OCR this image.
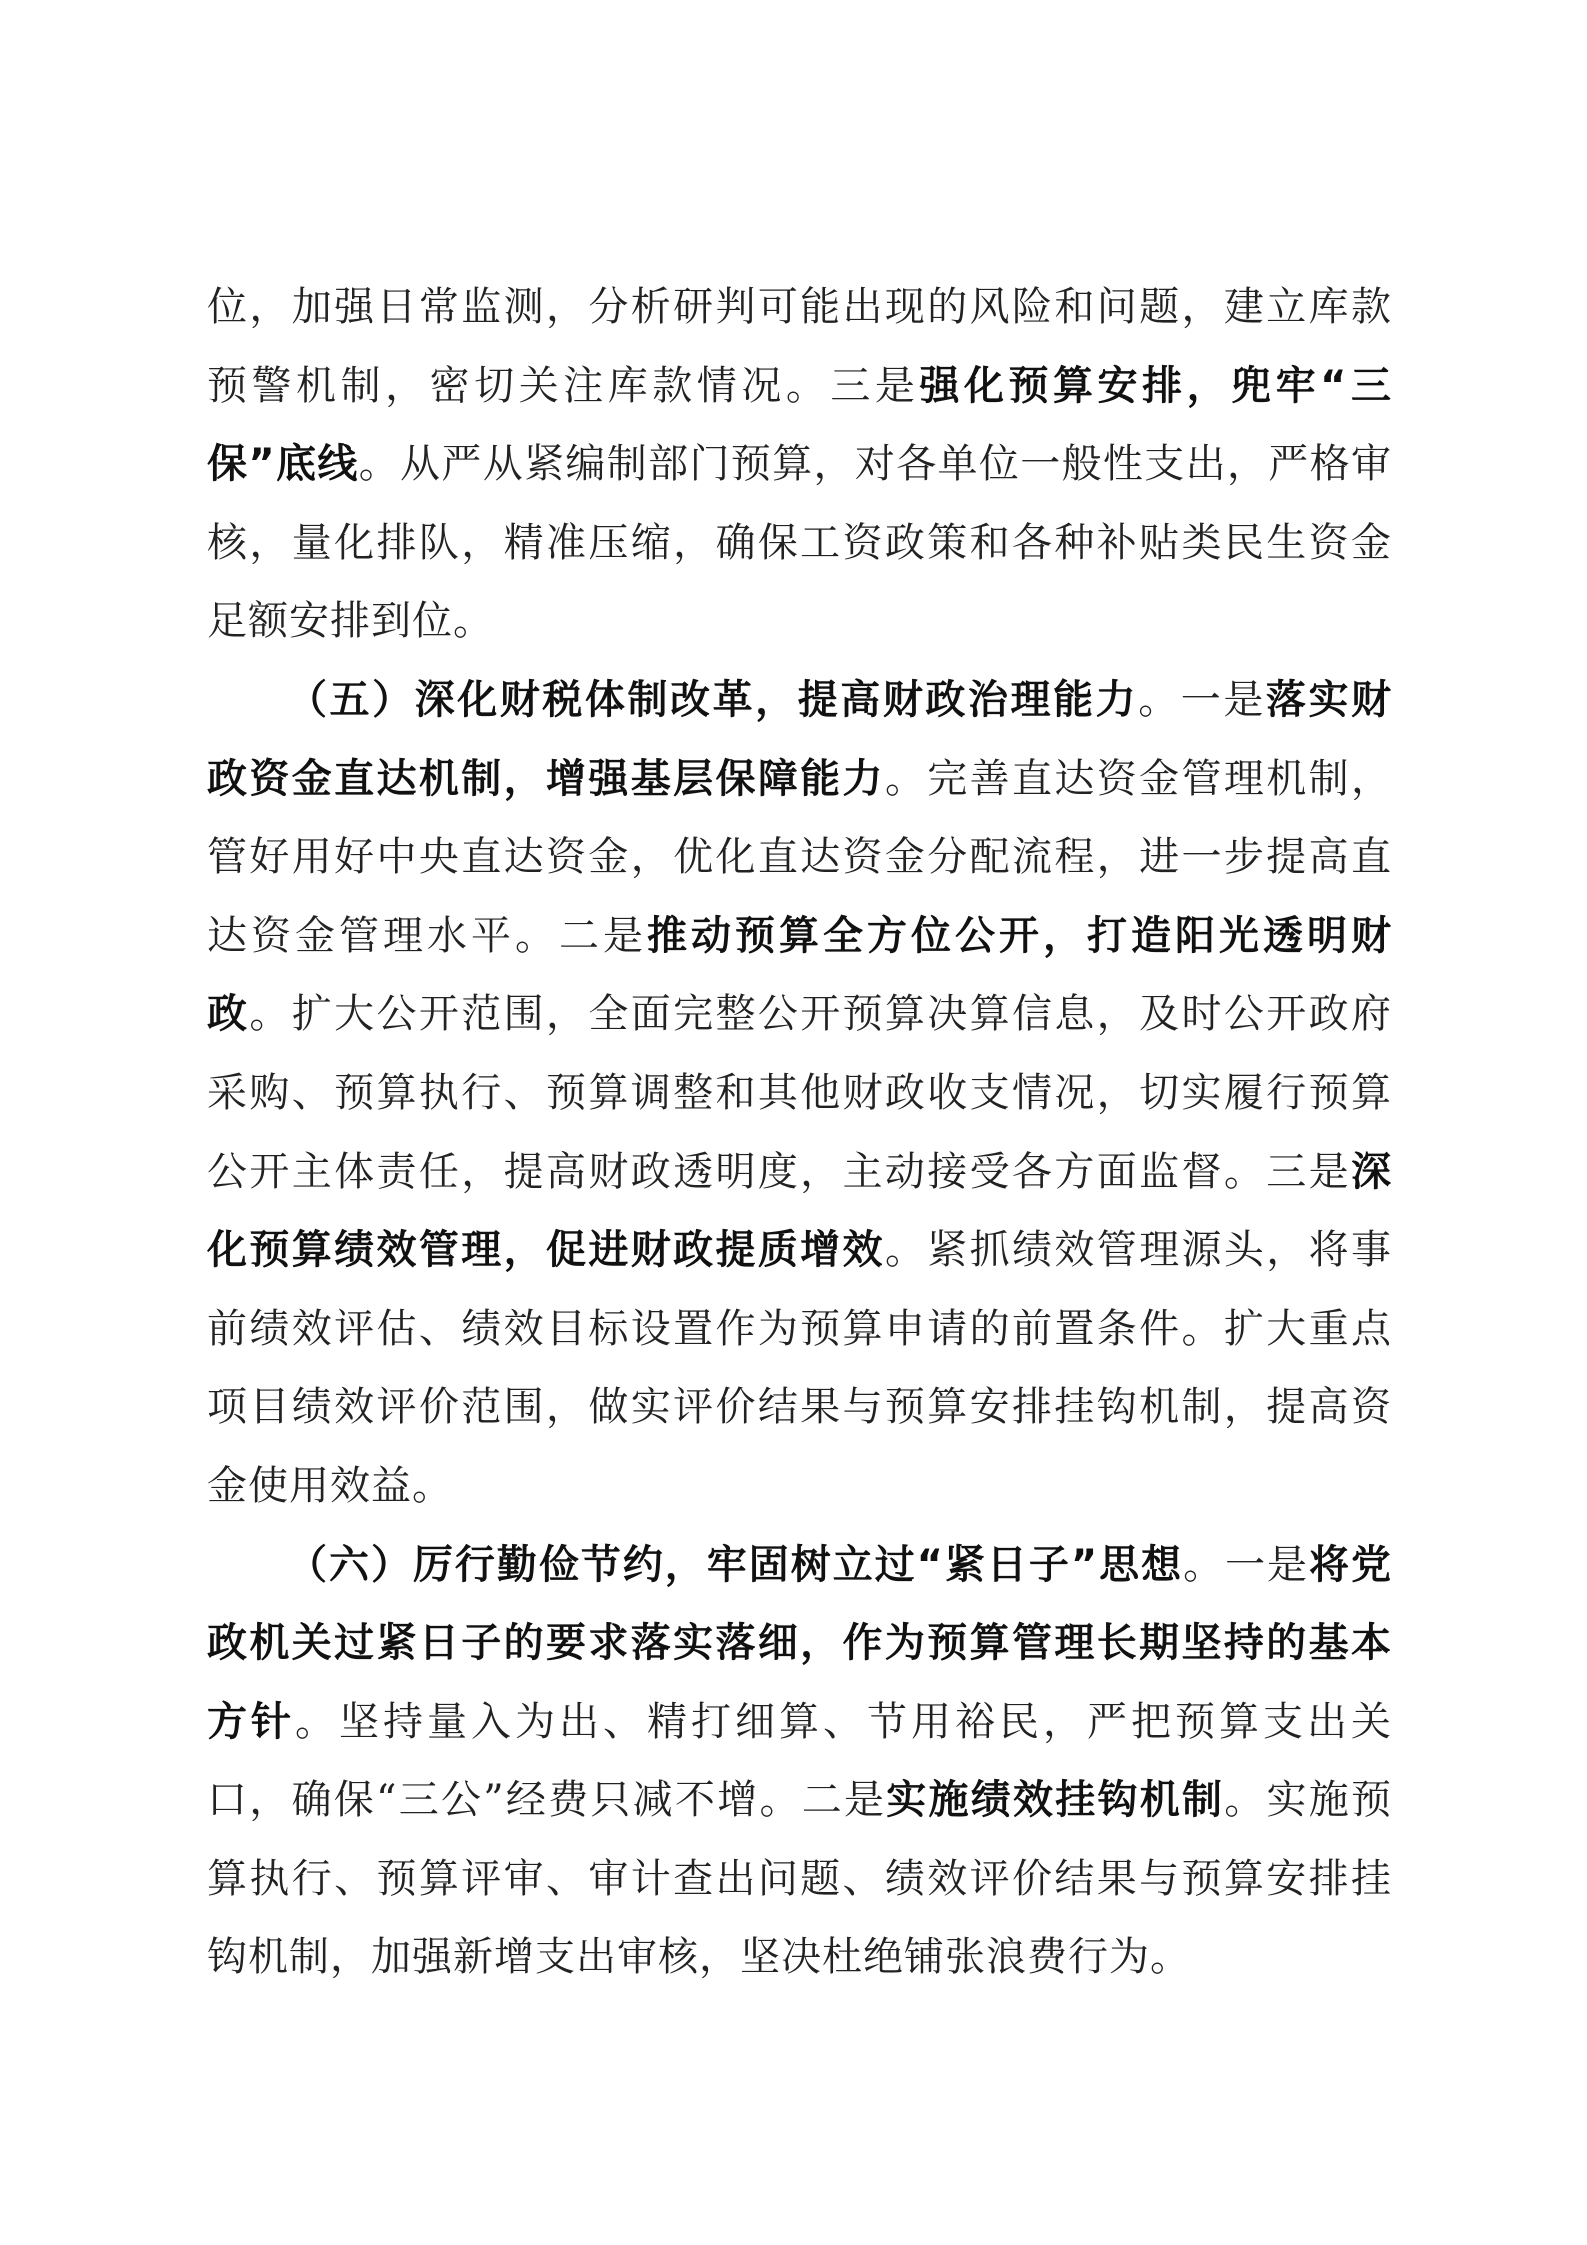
位，加强日常监测，分析研判可能出现的风险和问题，建立库款预警机制，密切关注库款情况。三是强化预算安排，兜牢“三保”底线。从严从紧编制部门预算，对各单位一般性支出，严格审核，量化排队，精准压缩，确保工资政策和各种补贴类民生资金足额安排到位。

（五）深化财税体制改革，提高财政治理能力。一是落实财政资金直达机制，增强基层保障能力。完善直达资金管理机制，管好用好中央直达资金，优化直达资金分配流程，进一步提高直达资金管理水平。二是推动预算全方位公开，打造阳光透明财政。扩大公开范围，全面完整公开预算决算信息，及时公开政府采购、预算执行、预算调整和其他财政收支情况，切实履行预算公开主体责任，提高财政透明度，主动接受各方面监督。三是深化预算绩效管理，促进财政提质增效。紧抓绩效管理源头，将事前绩效评估、绩效目标设置作为预算申请的前置条件。扩大重点项目绩效评价范围，做实评价结果与预算安排挂钩机制，提高资金使用效益。

（六）厉行勤俭节约，牢固树立过“紧日子”思想。一是将党政机关过紧日子的要求落实落细，作为预算管理长期坚持的基本方针。坚持量入为出、精打细算、节用裕民，严把预算支出关口，确保“三公”经费只减不增。二是实施绩效挂钩机制。实施预算执行、预算评审、审计查出问题、绩效评价结果与预算安排挂钩机制，加强新增支出审核，坚决杜绝铺张浪费行为。
